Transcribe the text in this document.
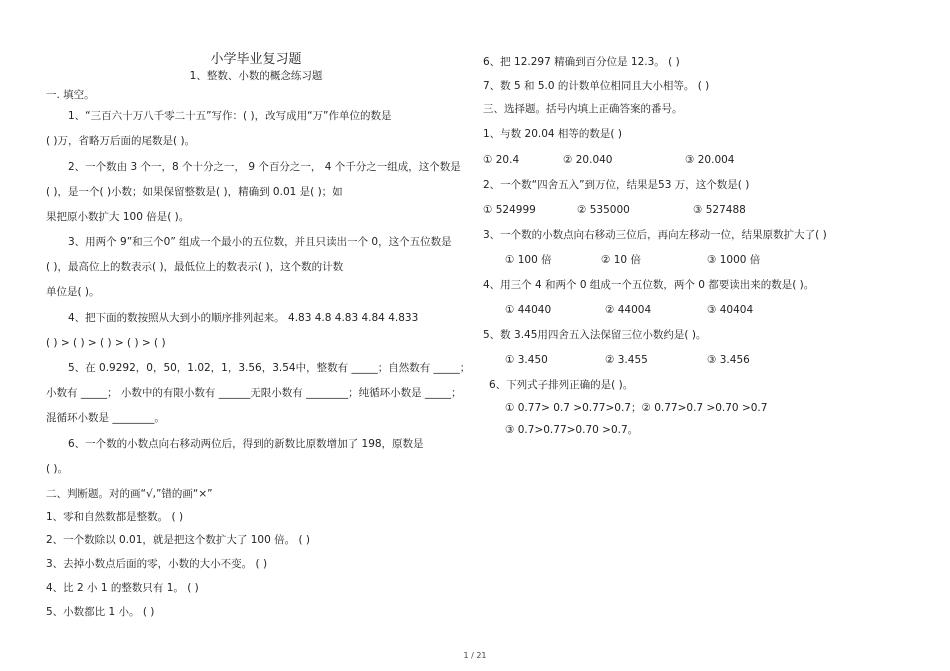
小学毕业复习题
1、整数、小数的概念练习题
一. 填空。
1、“三百六十万八千零二十五”写作：( )，改写成用“万”作单位的数是
( )万，省略万后面的尾数是( )。
2、一个数由 3 个一，8 个十分之一， 9 个百分之一， 4 个千分之一组成，这个数是
( )，是一个( )小数；如果保留整数是( )，精确到 0.01 是( )；如
果把原小数扩大 100 倍是( )。
3、用两个 9”和三个0” 组成一个最小的五位数，并且只读出一个 0，这个五位数是
( )，最高位上的数表示( )，最低位上的数表示( )，这个数的计数
单位是( )。
4、把下面的数按照从大到小的顺序排列起来。 4.83 4.8 4.83 4.84 4.833
( ) > ( ) > ( ) > ( ) > ( )
5、在 0.9292，0，50，1.02，1，3.56，3.54中，整数有 _____；自然数有 _____；
小数有 _____； 小数中的有限小数有 ______无限小数有 ________；纯循环小数是 _____；
混循环小数是 ________。
6、一个数的小数点向右移动两位后，得到的新数比原数增加了 198，原数是
( )。
二、判断题。对的画“√,”错的画“×”
1、零和自然数都是整数。 ( )
2、一个数除以 0.01，就是把这个数扩大了 100 倍。 ( )
3、去掉小数点后面的零，小数的大小不变。 ( )
4、比 2 小 1 的整数只有 1。 ( )
5、小数都比 1 小。 ( )
6、把 12.297 精确到百分位是 12.3。 ( )
7、数 5 和 5.0 的计数单位相同且大小相等。 ( )
三、选择题。括号内填上正确答案的番号。
1、与数 20.04 相等的数是( )
① 20.4	② 20.040	③ 20.004
2、一个数“四舍五入”到万位，结果是53 万，这个数是( )
① 524999	② 535000	③ 527488
3、一个数的小数点向右移动三位后，再向左移动一位，结果原数扩大了( )
① 100 倍	② 10 倍	③ 1000 倍
4、用三个 4 和两个 0 组成一个五位数，两个 0 都要读出来的数是( )。
① 44040	② 44004	③ 40404
5、数 3.45用四舍五入法保留三位小数约是( )。
① 3.450	② 3.455	③ 3.456
6、下列式子排列正确的是( )。
① 0.77> 0.7 >0.77>0.7；② 0.77>0.7 >0.70 >0.7
③ 0.7>0.77>0.70 >0.7。
1 / 21
